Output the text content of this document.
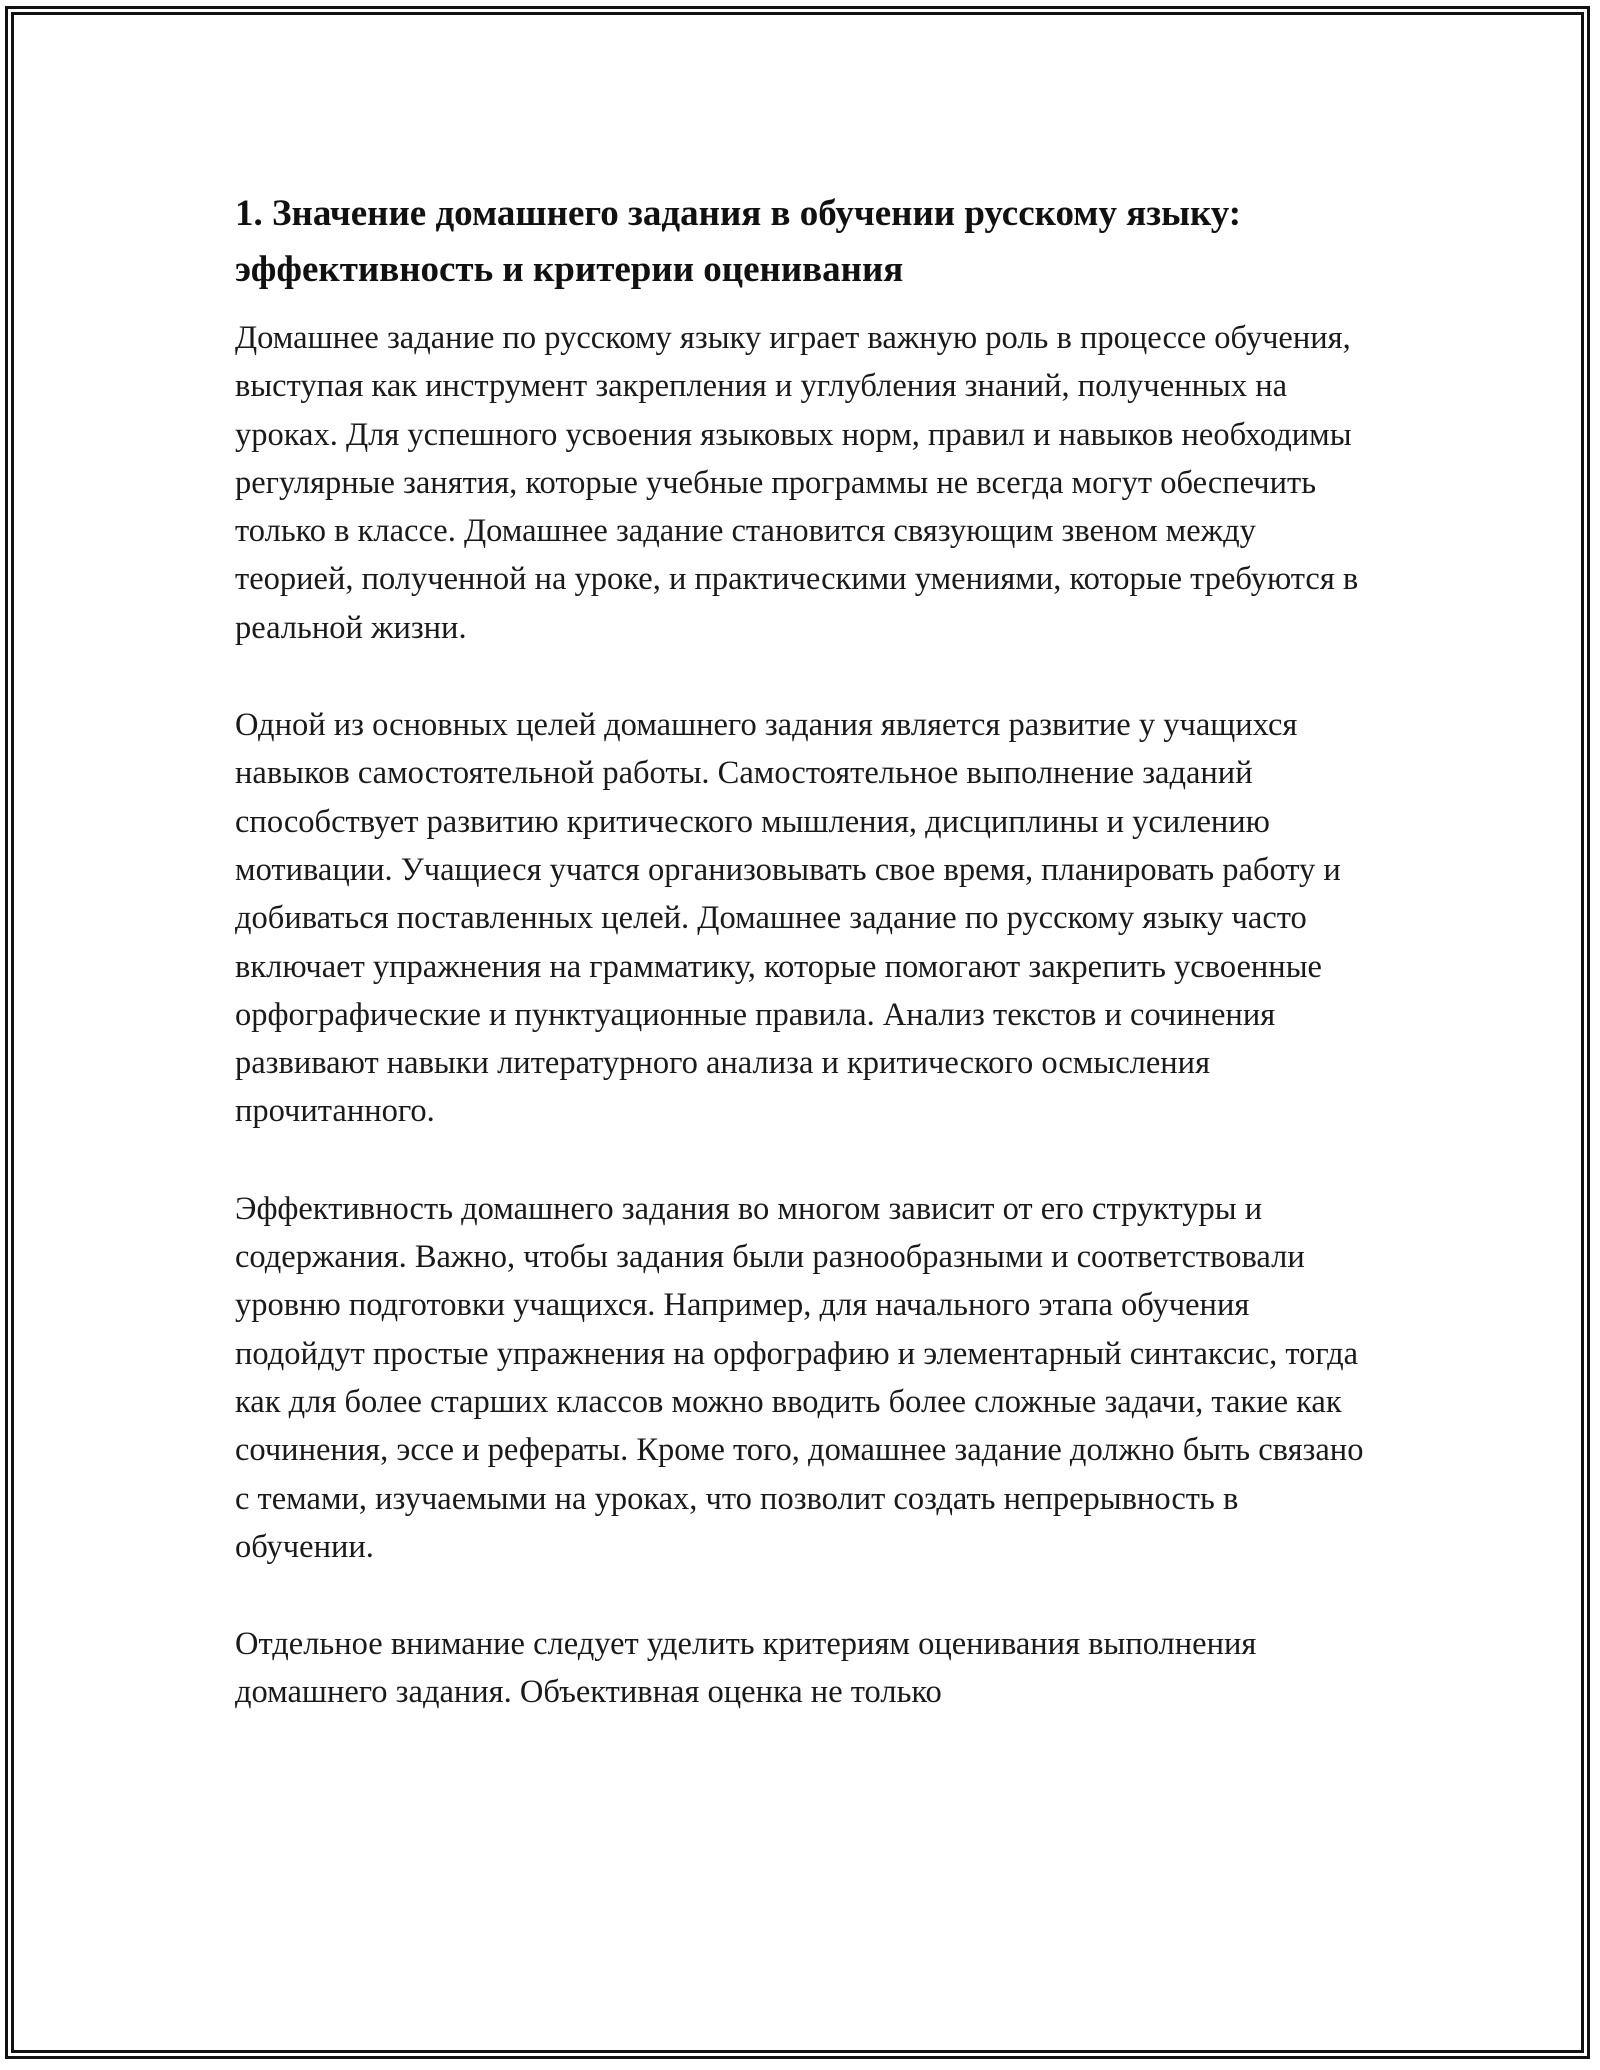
1. Значение домашнего задания в обучении русскому языку: эффективность и критерии оценивания

Домашнее задание по русскому языку играет важную роль в процессе обучения, выступая как инструмент закрепления и углубления знаний, полученных на уроках. Для успешного усвоения языковых норм, правил и навыков необходимы регулярные занятия, которые учебные программы не всегда могут обеспечить только в классе. Домашнее задание становится связующим звеном между теорией, полученной на уроке, и практическими умениями, которые требуются в реальной жизни.

Одной из основных целей домашнего задания является развитие у учащихся навыков самостоятельной работы. Самостоятельное выполнение заданий способствует развитию критического мышления, дисциплины и усилению мотивации. Учащиеся учатся организовывать свое время, планировать работу и добиваться поставленных целей. Домашнее задание по русскому языку часто включает упражнения на грамматику, которые помогают закрепить усвоенные орфографические и пунктуационные правила. Анализ текстов и сочинения развивают навыки литературного анализа и критического осмысления прочитанного.

Эффективность домашнего задания во многом зависит от его структуры и содержания. Важно, чтобы задания были разнообразными и соответствовали уровню подготовки учащихся. Например, для начального этапа обучения подойдут простые упражнения на орфографию и элементарный синтаксис, тогда как для более старших классов можно вводить более сложные задачи, такие как сочинения, эссе и рефераты. Кроме того, домашнее задание должно быть связано с темами, изучаемыми на уроках, что позволит создать непрерывность в обучении.

Отдельное внимание следует уделить критериям оценивания выполнения домашнего задания. Объективная оценка не только
